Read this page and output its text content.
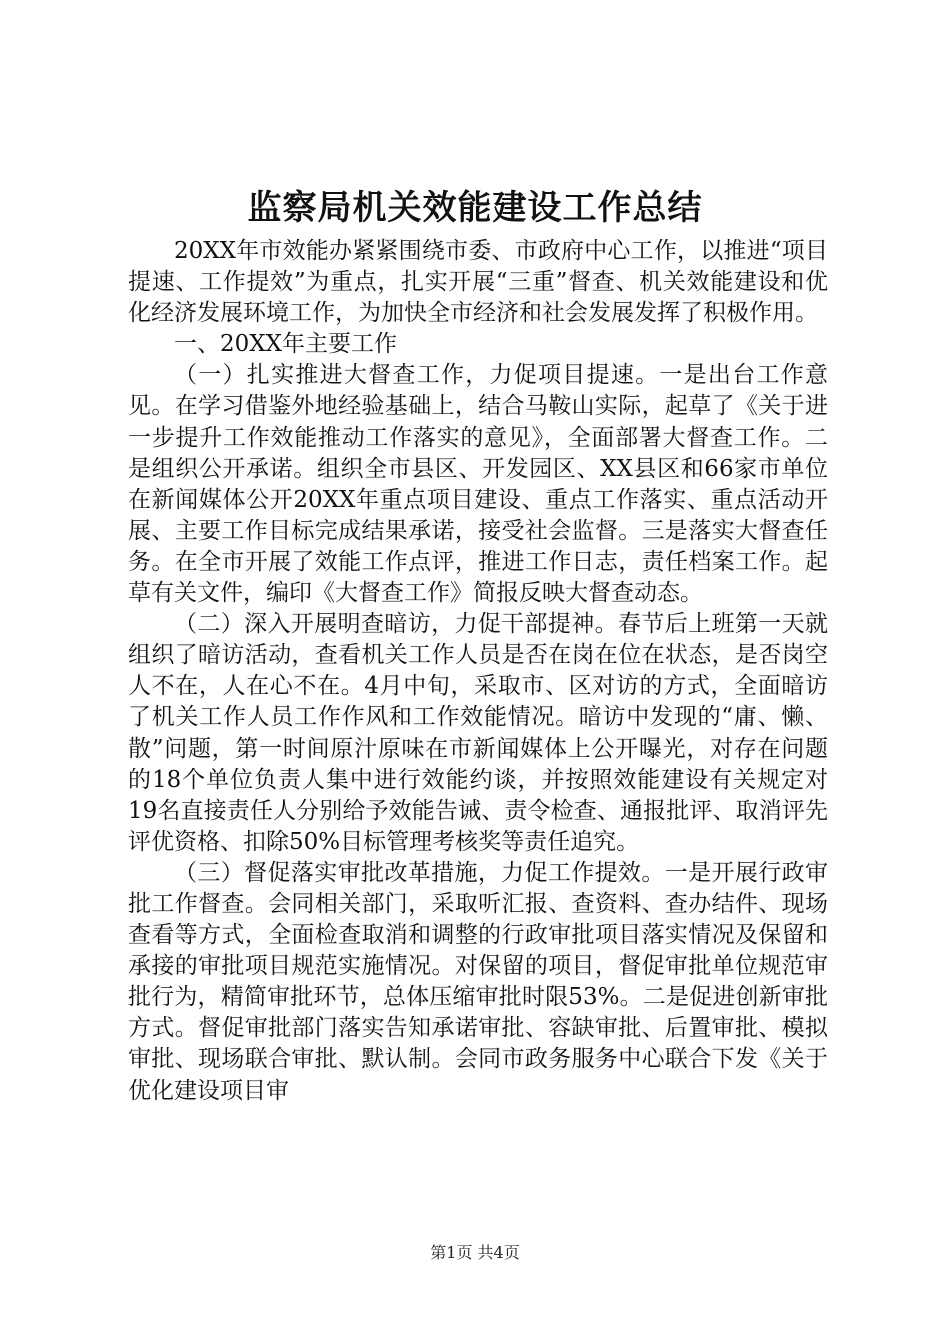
监察局机关效能建设工作总结

20XX年市效能办紧紧围绕市委、市政府中心工作，以推进“项目提速、工作提效”为重点，扎实开展“三重”督查、机关效能建设和优化经济发展环境工作，为加快全市经济和社会发展发挥了积极作用。

一、20XX年主要工作

（一）扎实推进大督查工作，力促项目提速。一是出台工作意见。在学习借鉴外地经验基础上，结合马鞍山实际，起草了《关于进一步提升工作效能推动工作落实的意见》，全面部署大督查工作。二是组织公开承诺。组织全市县区、开发园区、XX县区和66家市单位在新闻媒体公开20XX年重点项目建设、重点工作落实、重点活动开展、主要工作目标完成结果承诺，接受社会监督。三是落实大督查任务。在全市开展了效能工作点评，推进工作日志，责任档案工作。起草有关文件，编印《大督查工作》简报反映大督查动态。

（二）深入开展明查暗访，力促干部提神。春节后上班第一天就组织了暗访活动，查看机关工作人员是否在岗在位在状态，是否岗空人不在，人在心不在。4月中旬，采取市、区对访的方式，全面暗访了机关工作人员工作作风和工作效能情况。暗访中发现的“庸、懒、散”问题，第一时间原汁原味在市新闻媒体上公开曝光，对存在问题的18个单位负责人集中进行效能约谈，并按照效能建设有关规定对19名直接责任人分别给予效能告诫、责令检查、通报批评、取消评先评优资格、扣除50%目标管理考核奖等责任追究。

（三）督促落实审批改革措施，力促工作提效。一是开展行政审批工作督查。会同相关部门，采取听汇报、查资料、查办结件、现场查看等方式，全面检查取消和调整的行政审批项目落实情况及保留和承接的审批项目规范实施情况。对保留的项目，督促审批单位规范审批行为，精简审批环节，总体压缩审批时限53%。二是促进创新审批方式。督促审批部门落实告知承诺审批、容缺审批、后置审批、模拟审批、现场联合审批、默认制。会同市政务服务中心联合下发《关于优化建设项目审

第1页 共4页
